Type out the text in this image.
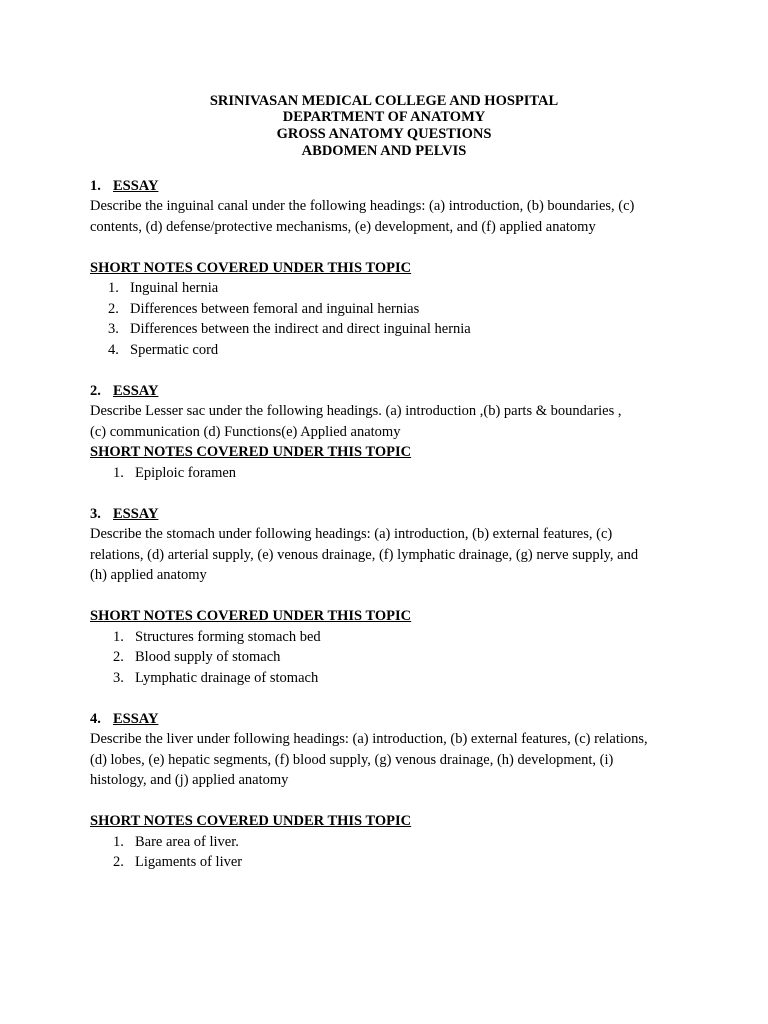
SRINIVASAN MEDICAL COLLEGE AND HOSPITAL
DEPARTMENT OF ANATOMY
GROSS ANATOMY QUESTIONS
ABDOMEN AND PELVIS
1. ESSAY
Describe the inguinal canal under the following headings: (a) introduction, (b) boundaries, (c)
contents, (d) defense/protective mechanisms, (e) development, and (f) applied anatomy
SHORT NOTES COVERED UNDER THIS TOPIC
1. Inguinal hernia
2. Differences between femoral and inguinal hernias
3. Differences between the indirect and direct inguinal hernia
4. Spermatic cord
2. ESSAY
Describe Lesser sac under the following headings. (a) introduction ,(b) parts & boundaries ,
(c) communication (d) Functions(e) Applied anatomy
SHORT NOTES COVERED UNDER THIS TOPIC
1. Epiploic foramen
3. ESSAY
Describe the stomach under following headings: (a) introduction, (b) external features, (c)
relations, (d) arterial supply, (e) venous drainage, (f) lymphatic drainage, (g) nerve supply, and
(h) applied anatomy
SHORT NOTES COVERED UNDER THIS TOPIC
1. Structures forming stomach bed
2. Blood supply of stomach
3. Lymphatic drainage of stomach
4. ESSAY
Describe the liver under following headings: (a) introduction, (b) external features, (c) relations,
(d) lobes, (e) hepatic segments, (f) blood supply, (g) venous drainage, (h) development, (i)
histology, and (j) applied anatomy
SHORT NOTES COVERED UNDER THIS TOPIC
1. Bare area of liver.
2. Ligaments of liver
